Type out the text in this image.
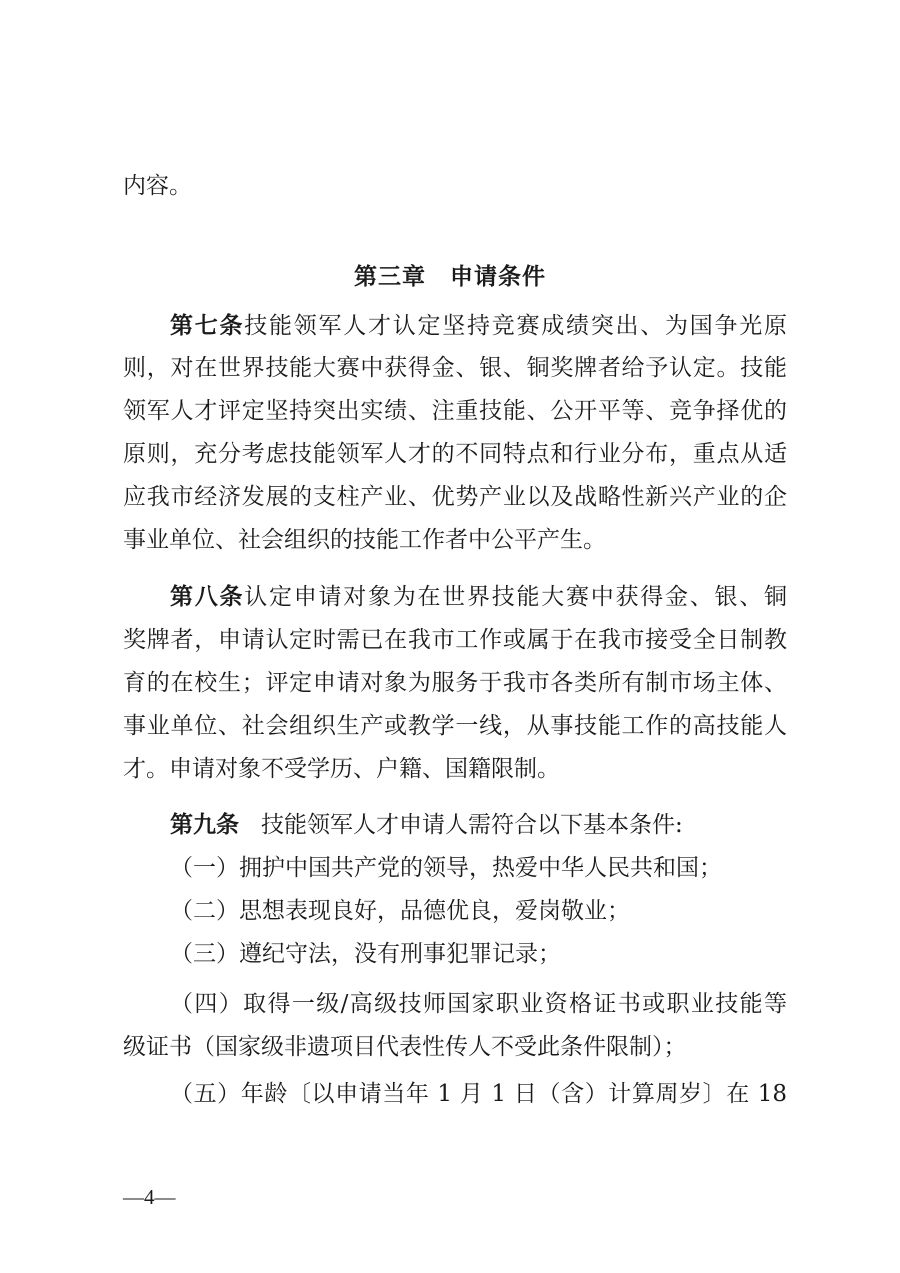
内容。
第三章　申请条件
第七条技能领军人才认定坚持竞赛成绩突出、为国争光原
则，对在世界技能大赛中获得金、银、铜奖牌者给予认定。技能
领军人才评定坚持突出实绩、注重技能、公开平等、竞争择优的
原则，充分考虑技能领军人才的不同特点和行业分布，重点从适
应我市经济发展的支柱产业、优势产业以及战略性新兴产业的企
事业单位、社会组织的技能工作者中公平产生。
第八条认定申请对象为在世界技能大赛中获得金、银、铜
奖牌者，申请认定时需已在我市工作或属于在我市接受全日制教
育的在校生；评定申请对象为服务于我市各类所有制市场主体、
事业单位、社会组织生产或教学一线，从事技能工作的高技能人
才。申请对象不受学历、户籍、国籍限制。
第九条 技能领军人才申请人需符合以下基本条件:
（一）拥护中国共产党的领导，热爱中华人民共和国；
（二）思想表现良好，品德优良，爱岗敬业；
（三）遵纪守法，没有刑事犯罪记录；
（四）取得一级/高级技师国家职业资格证书或职业技能等
级证书（国家级非遗项目代表性传人不受此条件限制）；
（五）年龄〔以申请当年 1 月 1 日（含）计算周岁〕在 18
—4—
